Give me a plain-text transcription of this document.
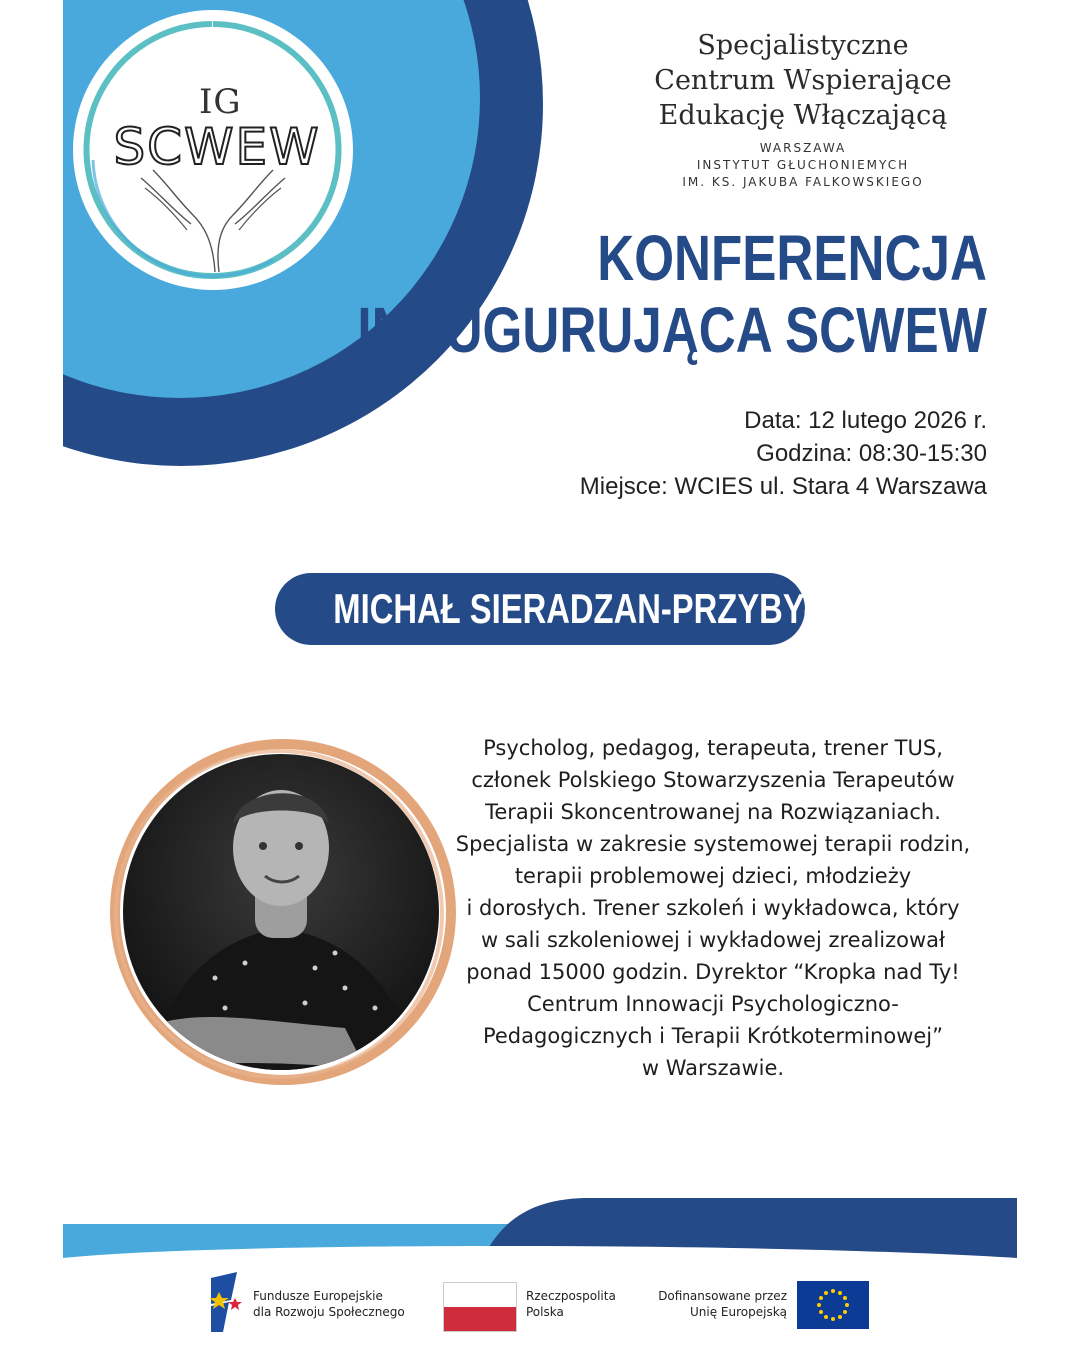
IG
SCWEW
Specjalistyczne
Centrum Wspierające
Edukację Włączającą
WARSZAWA
INSTYTUT GŁUCHONIEMYCH
IM. KS. JAKUBA FALKOWSKIEGO
KONFERENCJA
INAUGURUJĄCA SCWEW
Data: 12 lutego 2026 r.
Godzina: 08:30-15:30
Miejsce: WCIES ul. Stara 4 Warszawa
MICHAŁ SIERADZAN-PRZYBYŁOWICZ
Psycholog, pedagog, terapeuta, trener TUS,
członek Polskiego Stowarzyszenia Terapeutów
Terapii Skoncentrowanej na Rozwiązaniach.
Specjalista w zakresie systemowej terapii rodzin,
terapii problemowej dzieci, młodzieży
i dorosłych. Trener szkoleń i wykładowca, który
w sali szkoleniowej i wykładowej zrealizował
ponad 15000 godzin. Dyrektor “Kropka nad Ty!
Centrum Innowacji Psychologiczno-
Pedagogicznych i Terapii Krótkoterminowej”
w Warszawie.
Fundusze Europejskie
dla Rozwoju Społecznego
Rzeczpospolita
Polska
Dofinansowane przez
Unię Europejską
